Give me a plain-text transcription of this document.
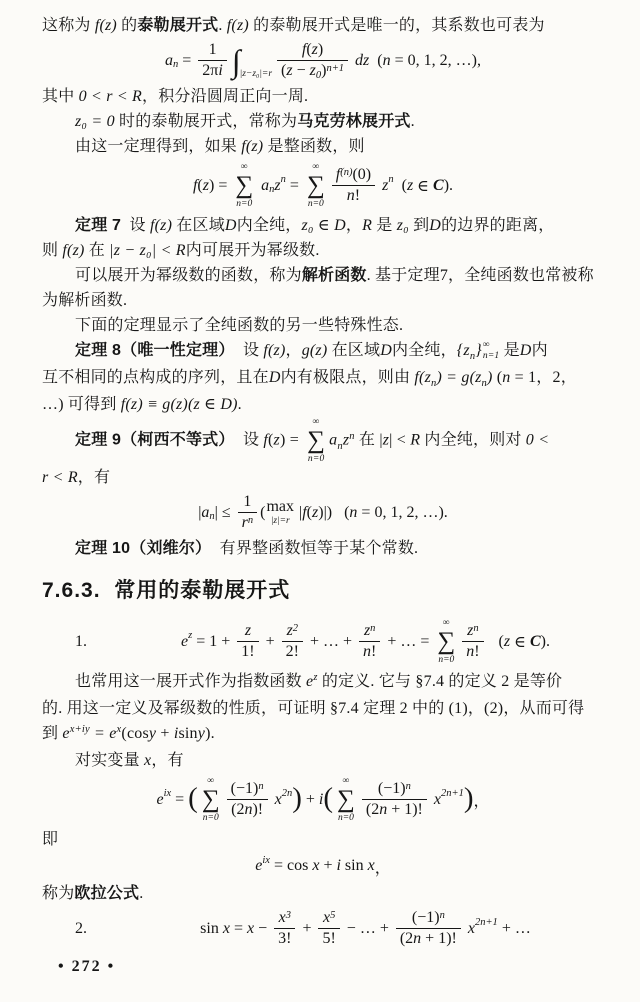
这称为 f(z) 的泰勒展开式. f(z) 的泰勒展开式是唯一的，其系数也可表为
a $n = \frac{1}{2\pi i}$ ∫ $|z-z_0|=r \frac{f(z)}{(z - z0)^{n+1}}$ dz ( n = 0, 1, 2, …),
其中 0 < r < R，积分沿圆周正向一周.
z₀ = 0 时的泰勒展开式，常称为马克劳林展开式.
由这一定理得到，如果 f(z) 是整函数，则
f ( z ) =
∞
∑
n=0
a n z n =
∞
∑
$n=0 \frac{f^{(n)}(0)}{n!}$ z n ( z ∈ C ).
定理 7  设 f(z) 在区域D内全纯，z₀ ∈ D，R 是 z₀ 到D的边界的距离，
则 f(z) 在 |z − z₀| < R内可展开为幂级数.
可以展开为幂级数的函数，称为解析函数. 基于定理7，全纯函数也常被称
为解析函数.
下面的定理显示了全纯函数的另一些特殊性态.
定理 8（唯一性定理）  设 f(z)，g(z) 在区域D内全纯，$\{z_n\}$ ∞
n=1 是D内
互不相同的点构成的序列，且在D内有极限点，则由 $f(z_n) = g(z_n) (n = 1$，2，
…) 可得到 f(z) ≡ g(z)(z ∈ D).
定理 9（柯西不等式）  设 f(z) =
∞
∑
n=0
$a_nz^n$ 在 |z| < R 内全纯，则对 0 <
r < R，有
| a n | ≤ $\frac{1}{r^n}$ ( max
|z|=r
| f ( z )|)   ( n = 0, 1, 2, …).
定理 10（刘维尔）  有界整函数恒等于某个常数.
7.6.3.  常用的泰勒展开式
1.	e $z = 1 + \frac{z}{1!} + \frac{z^2}{2!}$ + … + $\frac{z^n}{n!}$ + … =
∞
∑
$n=0 \frac{z^n}{n!}$ ( z ∈ C ).
也常用这一展开式作为指数函数 $e^z$ 的定义. 它与 §7.4 的定义 2 是等价
的. 用这一定义及幂级数的性质，可证明 §7.4 定理 2 中的 (1)，(2)，从而可得
到 $e^{x+iy} = e^x(\cos y + isiny)$.
对实变量 x，有
e ix = (
∞
∑
$n=0 \frac{(-1)^n}{(2n)!}$ x 2n ) + i (
∞
∑
$n=0 \frac{(-1)^n}{(2n + 1)!}$ x 2n+1 ) ，
即
e ix = cos x + i sin x ，
称为欧拉公式.
2.	$\sin x = x - \frac{x^3}{3!} + \frac{x^5}{5!}$ − … + $\frac{(-1)^n}{(2n + 1)!}$ x 2n+1 + …
• 272 •
